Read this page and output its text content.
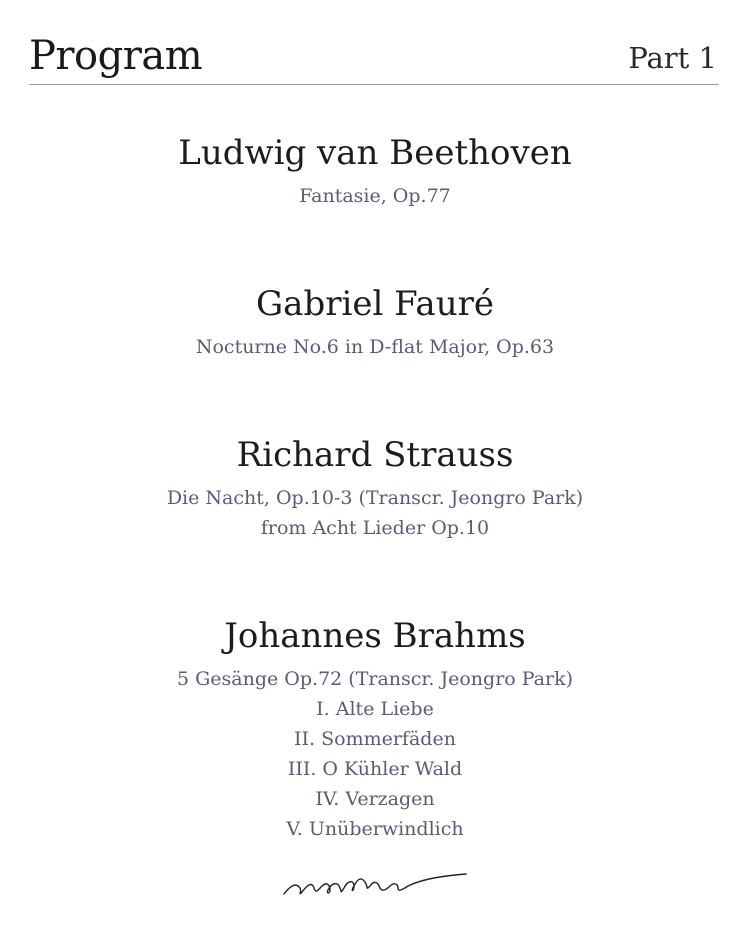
Program	Part 1
Ludwig van Beethoven
Fantasie, Op.77
Gabriel Fauré
Nocturne No.6 in D-flat Major, Op.63
Richard Strauss
Die Nacht, Op.10-3 (Transcr. Jeongro Park)
from Acht Lieder Op.10
Johannes Brahms
5 Gesänge Op.72 (Transcr. Jeongro Park)
I. Alte Liebe
II. Sommerfäden
III. O Kühler Wald
IV. Verzagen
V. Unüberwindlich
